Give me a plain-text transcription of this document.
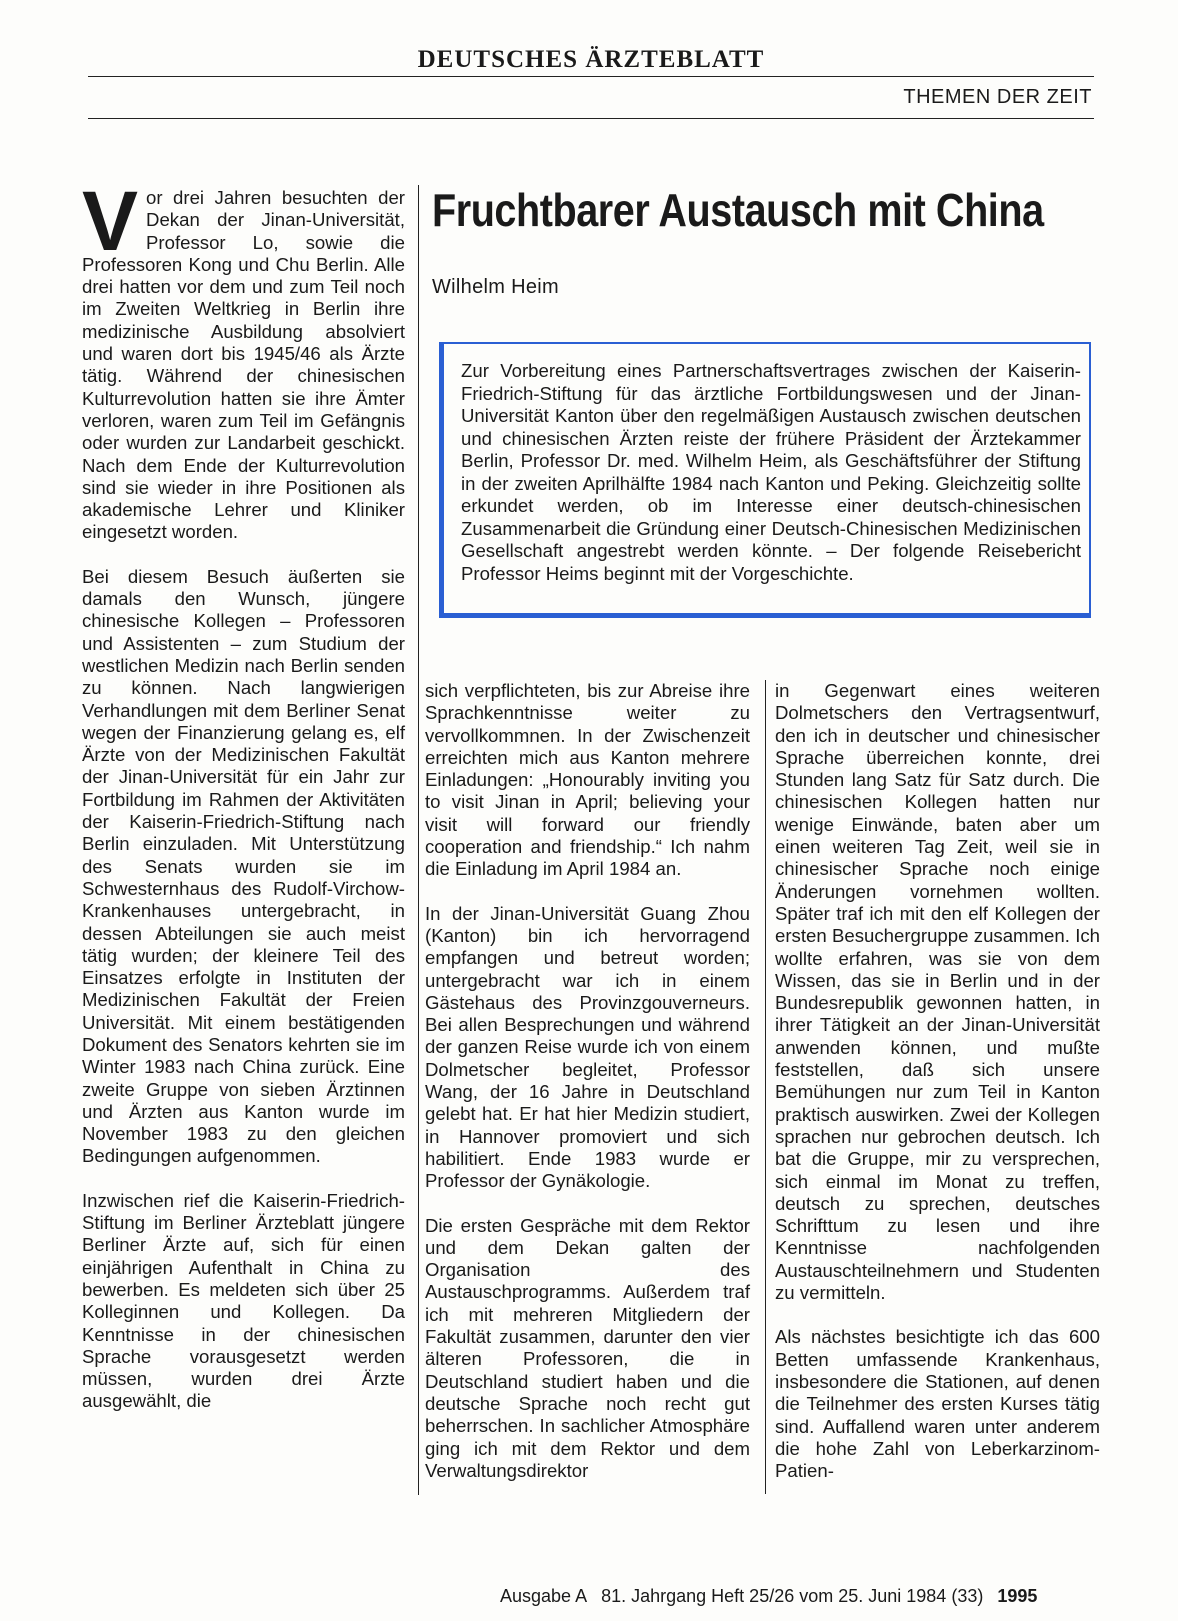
DEUTSCHES ÄRZTEBLATT
THEMEN DER ZEIT

Vor drei Jahren besuchten der Dekan der Jinan-Universität, Professor Lo, sowie die Professoren Kong und Chu Berlin. Alle drei hatten vor dem und zum Teil noch im Zweiten Weltkrieg in Berlin ihre medizinische Ausbildung absolviert und waren dort bis 1945/46 als Ärzte tätig. Während der chinesischen Kulturrevolution hatten sie ihre Ämter verloren, waren zum Teil im Gefängnis oder wurden zur Landarbeit geschickt. Nach dem Ende der Kulturrevolution sind sie wieder in ihre Positionen als akademische Lehrer und Kliniker eingesetzt worden.

Bei diesem Besuch äußerten sie damals den Wunsch, jüngere chinesische Kollegen – Professoren und Assistenten – zum Studium der westlichen Medizin nach Berlin senden zu können. Nach langwierigen Verhandlungen mit dem Berliner Senat wegen der Finanzierung gelang es, elf Ärzte von der Medizinischen Fakultät der Jinan-Universität für ein Jahr zur Fortbildung im Rahmen der Aktivitäten der Kaiserin-Friedrich-Stiftung nach Berlin einzuladen. Mit Unterstützung des Senats wurden sie im Schwesternhaus des Rudolf-Virchow-Krankenhauses untergebracht, in dessen Abteilungen sie auch meist tätig wurden; der kleinere Teil des Einsatzes erfolgte in Instituten der Medizinischen Fakultät der Freien Universität. Mit einem bestätigenden Dokument des Senators kehrten sie im Winter 1983 nach China zurück. Eine zweite Gruppe von sieben Ärztinnen und Ärzten aus Kanton wurde im November 1983 zu den gleichen Bedingungen aufgenommen.

Inzwischen rief die Kaiserin-Friedrich-Stiftung im Berliner Ärzteblatt jüngere Berliner Ärzte auf, sich für einen einjährigen Aufenthalt in China zu bewerben. Es meldeten sich über 25 Kolleginnen und Kollegen. Da Kenntnisse in der chinesischen Sprache vorausgesetzt werden müssen, wurden drei Ärzte ausgewählt, die

Fruchtbarer Austausch mit China
Wilhelm Heim
Zur Vorbereitung eines Partnerschaftsvertrages zwischen der Kaiserin-Friedrich-Stiftung für das ärztliche Fortbildungswesen und der Jinan-Universität Kanton über den regelmäßigen Austausch zwischen deutschen und chinesischen Ärzten reiste der frühere Präsident der Ärztekammer Berlin, Professor Dr. med. Wilhelm Heim, als Geschäftsführer der Stiftung in der zweiten Aprilhälfte 1984 nach Kanton und Peking. Gleichzeitig sollte erkundet werden, ob im Interesse einer deutsch-chinesischen Zusammenarbeit die Gründung einer Deutsch-Chinesischen Medizinischen Gesellschaft angestrebt werden könnte. – Der folgende Reisebericht Professor Heims beginnt mit der Vorgeschichte.

sich verpflichteten, bis zur Abreise ihre Sprachkenntnisse weiter zu vervollkommnen. In der Zwischenzeit erreichten mich aus Kanton mehrere Einladungen: „Honourably inviting you to visit Jinan in April; believing your visit will forward our friendly cooperation and friendship.“ Ich nahm die Einladung im April 1984 an.

In der Jinan-Universität Guang Zhou (Kanton) bin ich hervorragend empfangen und betreut worden; untergebracht war ich in einem Gästehaus des Provinzgouverneurs. Bei allen Besprechungen und während der ganzen Reise wurde ich von einem Dolmetscher begleitet, Professor Wang, der 16 Jahre in Deutschland gelebt hat. Er hat hier Medizin studiert, in Hannover promoviert und sich habilitiert. Ende 1983 wurde er Professor der Gynäkologie.

Die ersten Gespräche mit dem Rektor und dem Dekan galten der Organisation des Austauschprogramms. Außerdem traf ich mit mehreren Mitgliedern der Fakultät zusammen, darunter den vier älteren Professoren, die in Deutschland studiert haben und die deutsche Sprache noch recht gut beherrschen. In sachlicher Atmosphäre ging ich mit dem Rektor und dem Verwaltungsdirektor

in Gegenwart eines weiteren Dolmetschers den Vertragsentwurf, den ich in deutscher und chinesischer Sprache überreichen konnte, drei Stunden lang Satz für Satz durch. Die chinesischen Kollegen hatten nur wenige Einwände, baten aber um einen weiteren Tag Zeit, weil sie in chinesischer Sprache noch einige Änderungen vornehmen wollten. Später traf ich mit den elf Kollegen der ersten Besuchergruppe zusammen. Ich wollte erfahren, was sie von dem Wissen, das sie in Berlin und in der Bundesrepublik gewonnen hatten, in ihrer Tätigkeit an der Jinan-Universität anwenden können, und mußte feststellen, daß sich unsere Bemühungen nur zum Teil in Kanton praktisch auswirken. Zwei der Kollegen sprachen nur gebrochen deutsch. Ich bat die Gruppe, mir zu versprechen, sich einmal im Monat zu treffen, deutsch zu sprechen, deutsches Schrifttum zu lesen und ihre Kenntnisse nachfolgenden Austauschteilnehmern und Studenten zu vermitteln.

Als nächstes besichtigte ich das 600 Betten umfassende Krankenhaus, insbesondere die Stationen, auf denen die Teilnehmer des ersten Kurses tätig sind. Auffallend waren unter anderem die hohe Zahl von Leberkarzinom-Patien-

Ausgabe A   81. Jahrgang Heft 25/26 vom 25. Juni 1984 (33) 1995
